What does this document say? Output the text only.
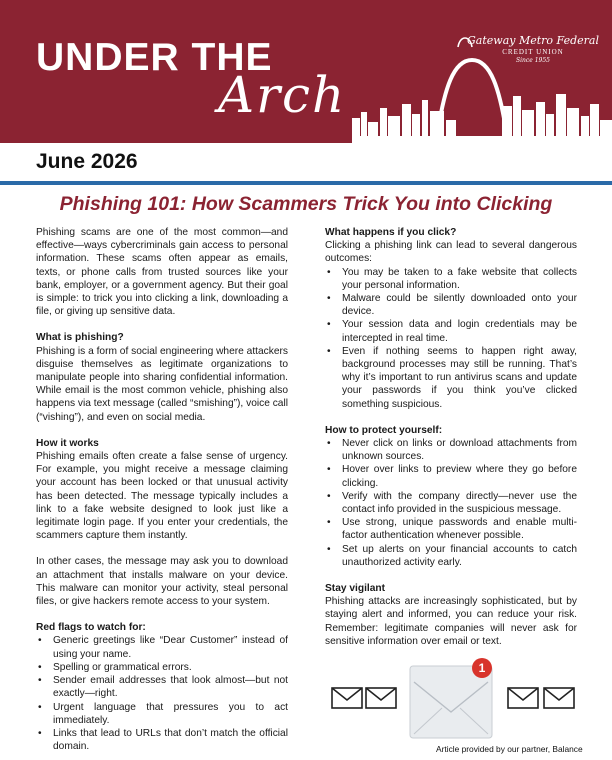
UNDER THE
Arch
Gateway Metro Federal
CREDIT UNION
Since 1955
June 2026
Phishing 101: How Scammers Trick You into Clicking

Phishing scams are one of the most common—and effective—ways cybercriminals gain access to personal information. These scams often appear as emails, texts, or phone calls from trusted sources like your bank, employer, or a government agency. But their goal is simple: to trick you into clicking a link, downloading a file, or giving up sensitive data.

What is phishing?

Phishing is a form of social engineering where attackers disguise themselves as legitimate organizations to manipulate people into sharing confidential information. While email is the most common vehicle, phishing also happens via text message (called “smishing”), voice call (“vishing”), and even on social media.

How it works

Phishing emails often create a false sense of urgency. For example, you might receive a message claiming your account has been locked or that unusual activity has been detected. The message typically includes a link to a fake website designed to look just like a legitimate login page. If you enter your credentials, the scammers capture them instantly.

In other cases, the message may ask you to download an attachment that installs malware on your device. This malware can monitor your activity, steal personal files, or give hackers remote access to your system.

Red flags to watch for:

• Generic greetings like “Dear Customer” instead of using your name.
• Spelling or grammatical errors.
• Sender email addresses that look almost—but not exactly—right.
• Urgent language that pressures you to act immediately.
• Links that lead to URLs that don’t match the official domain.

What happens if you click?

Clicking a phishing link can lead to several dangerous outcomes:

• You may be taken to a fake website that collects your personal information.
• Malware could be silently downloaded onto your device.
• Your session data and login credentials may be intercepted in real time.
• Even if nothing seems to happen right away, background processes may still be running. That’s why it’s important to run antivirus scans and update your passwords if you think you’ve clicked something suspicious.

How to protect yourself:

• Never click on links or download attachments from unknown sources.
• Hover over links to preview where they go before clicking.
• Verify with the company directly—never use the contact info provided in the suspicious message.
• Use strong, unique passwords and enable multi-factor authentication whenever possible.
• Set up alerts on your financial accounts to catch unauthorized activity early.

Stay vigilant

Phishing attacks are increasingly sophisticated, but by staying alert and informed, you can reduce your risk. Remember: legitimate companies will never ask for sensitive information over email or text.

1
Article provided by our partner, Balance
